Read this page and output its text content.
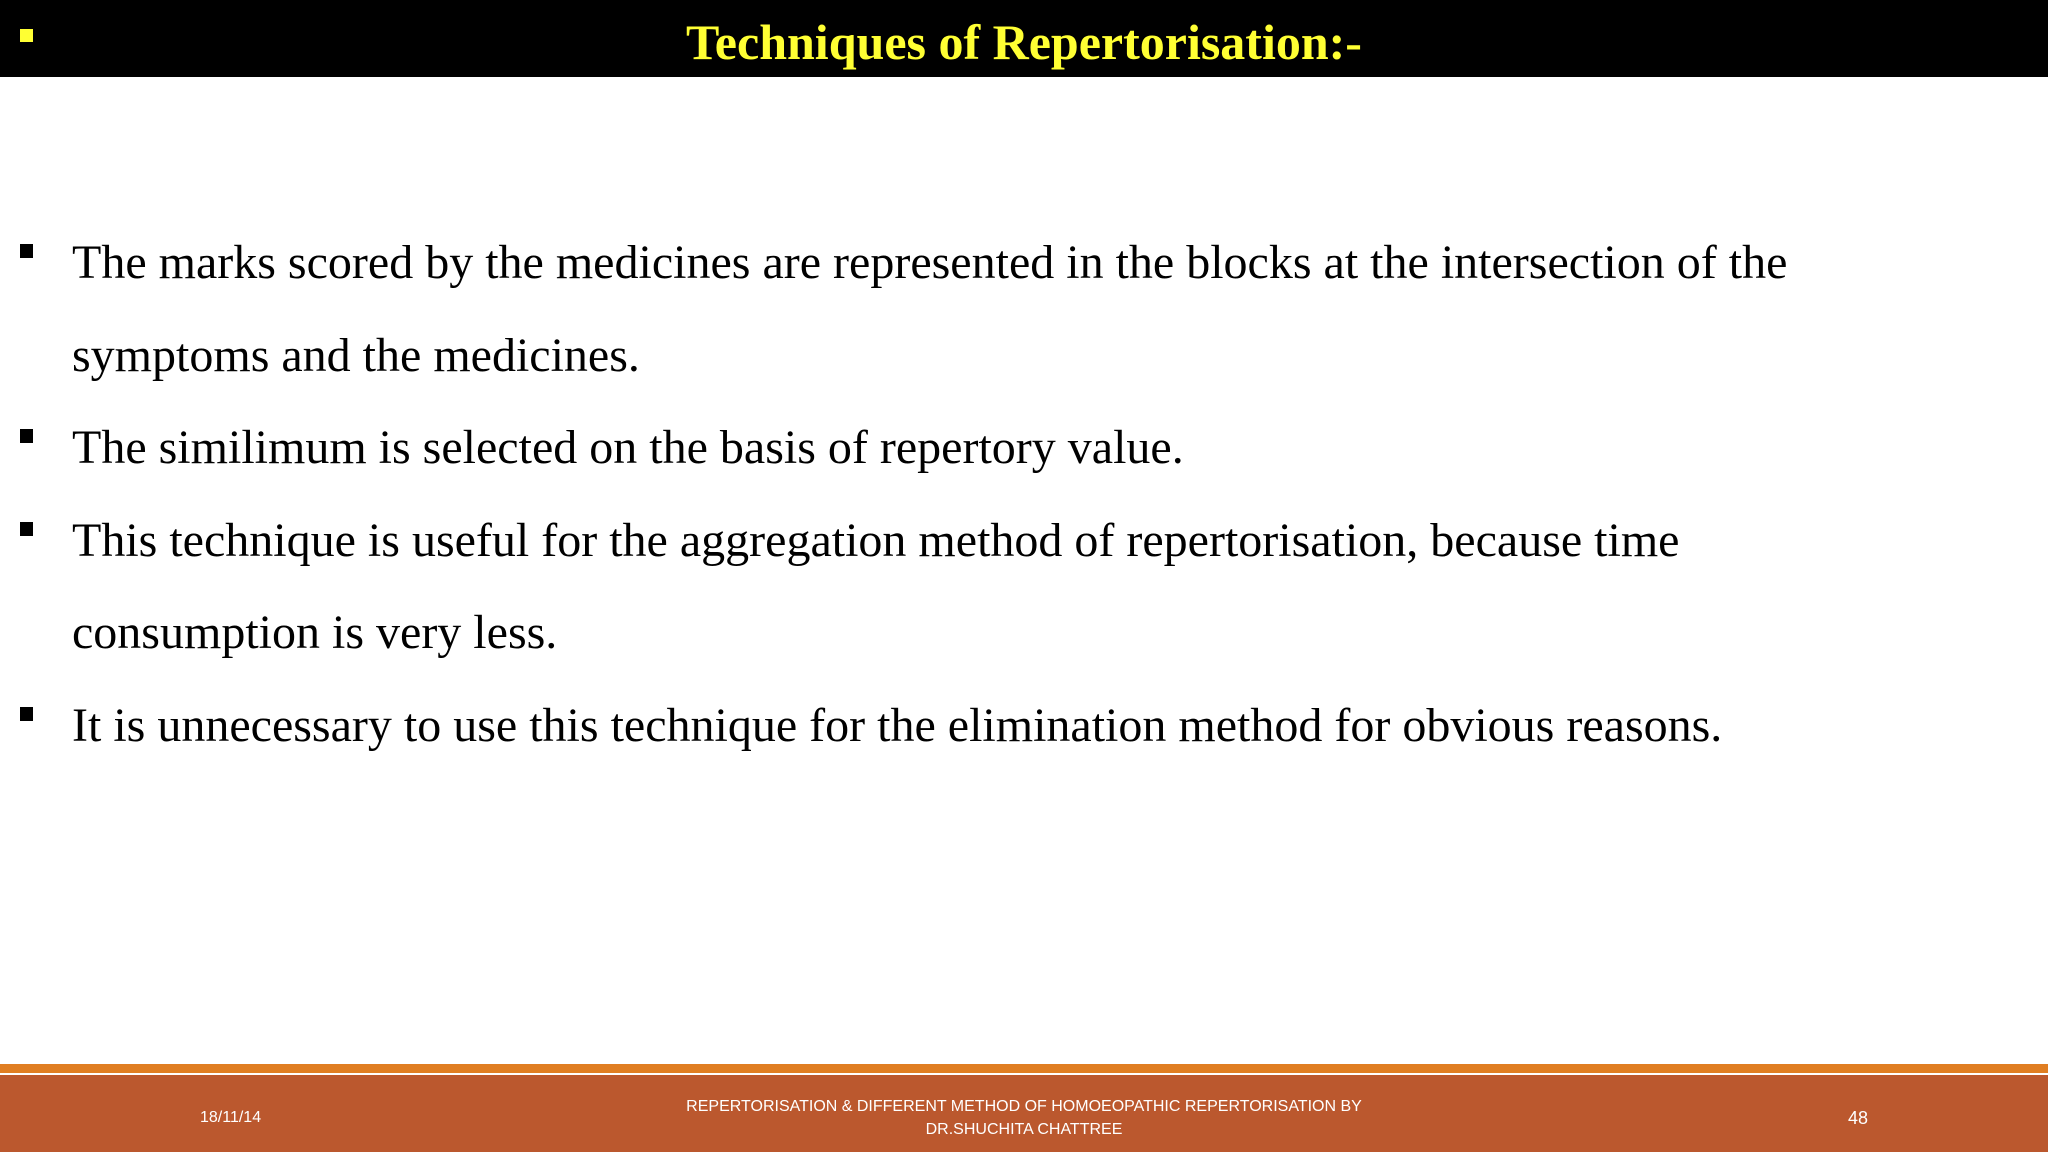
Techniques of Repertorisation:-
The marks scored by the medicines are represented in the blocks at the intersection of the symptoms and the medicines.
The similimum is selected on the basis of repertory value.
This technique is useful for the aggregation method of repertorisation, because time consumption is very less.
It is unnecessary to use this technique for the elimination method for obvious reasons.
18/11/14
REPERTORISATION & DIFFERENT METHOD OF HOMOEOPATHIC REPERTORISATION BY
DR.SHUCHITA CHATTREE
48
